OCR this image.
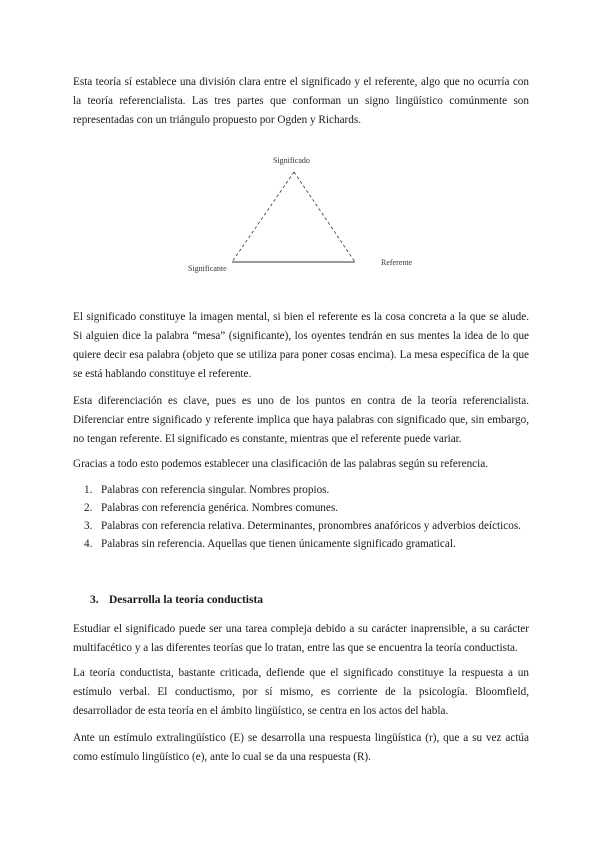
Esta teoría sí establece una división clara entre el significado y el referente, algo que no ocurría con la teoría referencialista. Las tres partes que conforman un signo lingüístico comúnmente son representadas con un triángulo propuesto por Ogden y Richards.

Significado
Significante
Referente

El significado constituye la imagen mental, si bien el referente es la cosa concreta a la que se alude. Si alguien dice la palabra “mesa” (significante), los oyentes tendrán en sus mentes la idea de lo que quiere decir esa palabra (objeto que se utiliza para poner cosas encima). La mesa específica de la que se está hablando constituye el referente.

Esta diferenciación es clave, pues es uno de los puntos en contra de la teoría referencialista. Diferenciar entre significado y referente implica que haya palabras con significado que, sin embargo, no tengan referente. El significado es constante, mientras que el referente puede variar.

Gracias a todo esto podemos establecer una clasificación de las palabras según su referencia.

1. Palabras con referencia singular. Nombres propios.
2. Palabras con referencia genérica. Nombres comunes.
3. Palabras con referencia relativa. Determinantes, pronombres anafóricos y adverbios deícticos.
4. Palabras sin referencia. Aquellas que tienen únicamente significado gramatical.
3. Desarrolla la teoría conductista

Estudiar el significado puede ser una tarea compleja debido a su carácter inaprensible, a su carácter multifacético y a las diferentes teorías que lo tratan, entre las que se encuentra la teoría conductista.

La teoría conductista, bastante criticada, defiende que el significado constituye la respuesta a un estímulo verbal. El conductismo, por sí mismo, es corriente de la psicología. Bloomfield, desarrollador de esta teoría en el ámbito lingüístico, se centra en los actos del habla.

Ante un estímulo extralingüístico (E) se desarrolla una respuesta lingüística (r), que a su vez actúa como estímulo lingüístico (e), ante lo cual se da una respuesta (R).
